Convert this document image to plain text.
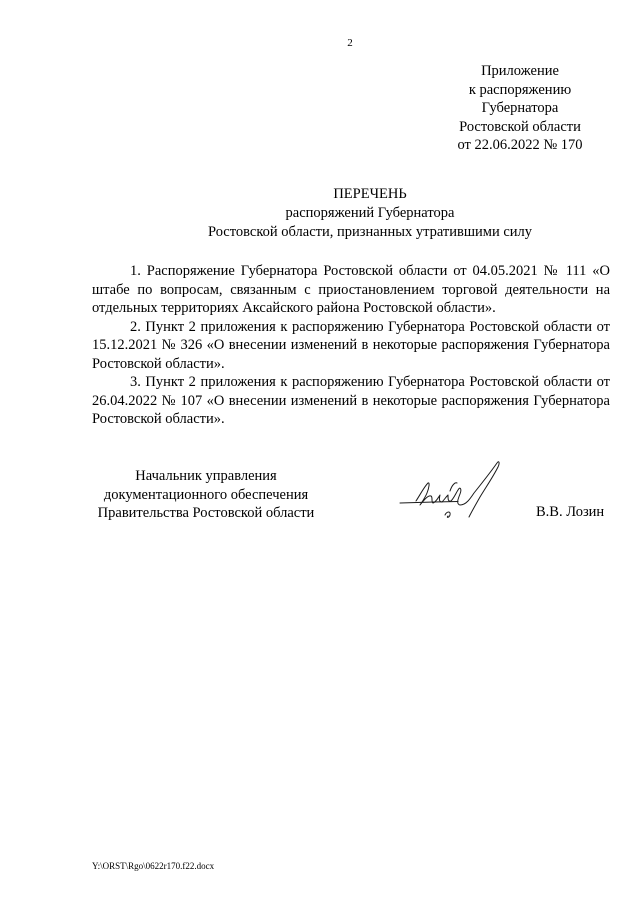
2
Приложение
к распоряжению
Губернатора
Ростовской области
от 22.06.2022 № 170
ПЕРЕЧЕНЬ
распоряжений Губернатора
Ростовской области, признанных утратившими силу

1. Распоряжение Губернатора Ростовской области от 04.05.2021 № 111 «О штабе по вопросам, связанным с приостановлением торговой деятельности на отдельных территориях Аксайского района Ростовской области».

2. Пункт 2 приложения к распоряжению Губернатора Ростовской области от 15.12.2021 № 326 «О внесении изменений в некоторые распоряжения Губернатора Ростовской области».

3. Пункт 2 приложения к распоряжению Губернатора Ростовской области от 26.04.2022 № 107 «О внесении изменений в некоторые распоряжения Губернатора Ростовской области».

Начальник управления
документационного обеспечения
Правительства Ростовской области	В.В. Лозин
Y:\ORST\Rgo\0622r170.f22.docx
